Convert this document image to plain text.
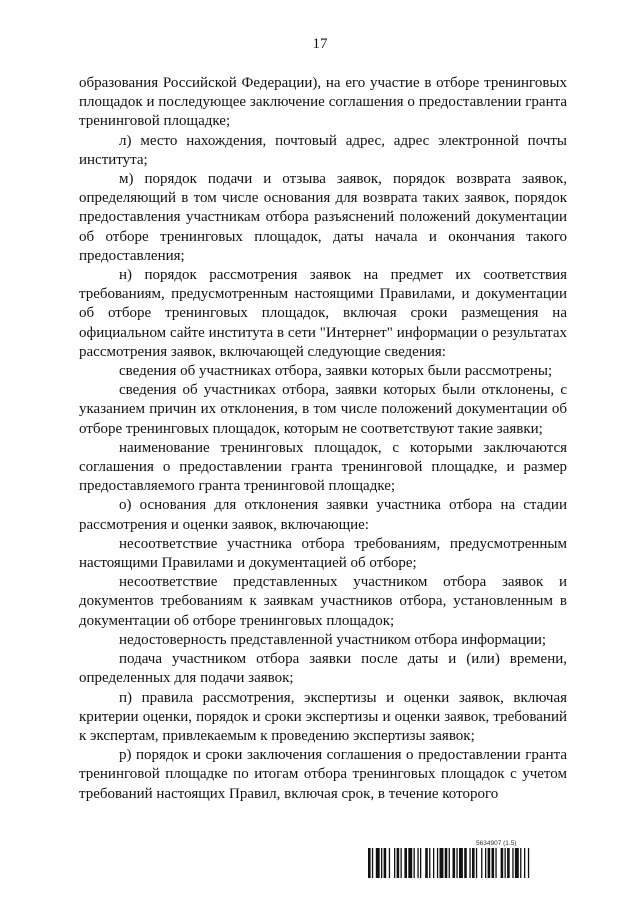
17

образования Российской Федерации), на его участие в отборе тренинговых площадок и последующее заключение соглашения о предоставлении гранта тренинговой площадке;

л) место нахождения, почтовый адрес, адрес электронной почты института;

м) порядок подачи и отзыва заявок, порядок возврата заявок, определяющий в том числе основания для возврата таких заявок, порядок предоставления участникам отбора разъяснений положений документации об отборе тренинговых площадок, даты начала и окончания такого предоставления;

н) порядок рассмотрения заявок на предмет их соответствия требованиям, предусмотренным настоящими Правилами, и документации об отборе тренинговых площадок, включая сроки размещения на официальном сайте института в сети "Интернет" информации о результатах рассмотрения заявок, включающей следующие сведения:

сведения об участниках отбора, заявки которых были рассмотрены;

сведения об участниках отбора, заявки которых были отклонены, с указанием причин их отклонения, в том числе положений документации об отборе тренинговых площадок, которым не соответствуют такие заявки;

наименование тренинговых площадок, с которыми заключаются соглашения о предоставлении гранта тренинговой площадке, и размер предоставляемого гранта тренинговой площадке;

о) основания для отклонения заявки участника отбора на стадии рассмотрения и оценки заявок, включающие:

несоответствие участника отбора требованиям, предусмотренным настоящими Правилами и документацией об отборе;

несоответствие представленных участником отбора заявок и документов требованиям к заявкам участников отбора, установленным в документации об отборе тренинговых площадок;

недостоверность представленной участником отбора информации;

подача участником отбора заявки после даты и (или) времени, определенных для подачи заявок;

п) правила рассмотрения, экспертизы и оценки заявок, включая критерии оценки, порядок и сроки экспертизы и оценки заявок, требований к экспертам, привлекаемым к проведению экспертизы заявок;

р) порядок и сроки заключения соглашения о предоставлении гранта тренинговой площадке по итогам отбора тренинговых площадок с учетом требований настоящих Правил, включая срок, в течение которого

5634907 (1.5)
